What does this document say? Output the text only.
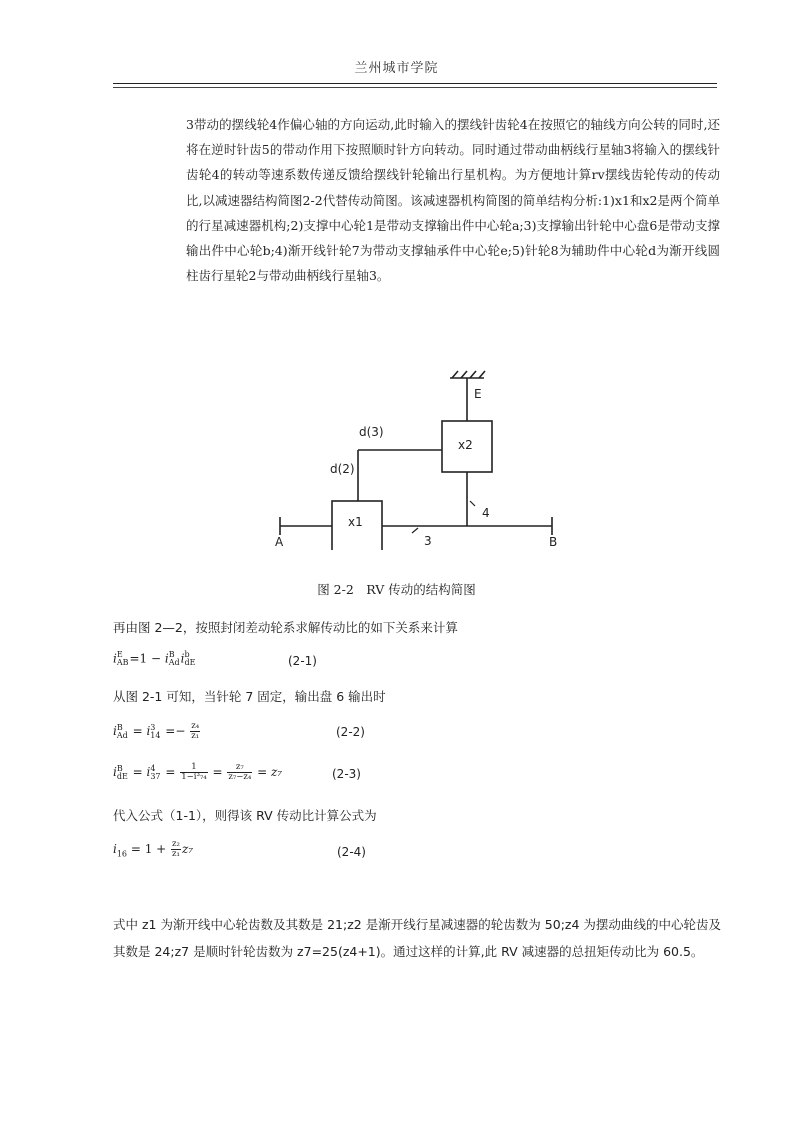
兰州城市学院
3带动的摆线轮4作偏心轴的方向运动,此时输入的摆线针齿轮4在按照它的轴线方向公转的同时,还将在逆时针齿5的带动作用下按照顺时针方向转动。同时通过带动曲柄线行星轴3将输入的摆线针齿轮4的转动等速系数传递反馈给摆线针轮输出行星机构。为方便地计算rv摆线齿轮传动的传动比,以减速器结构简图2-2代替传动简图。该减速器机构简图的简单结构分析:1)x1和x2是两个简单的行星减速器机构;2)支撑中心轮1是带动支撑输出件中心轮a;3)支撑输出针轮中心盘6是带动支撑输出件中心轮b;4)渐开线针轮7为带动支撑轴承件中心轮e;5)针轮8为辅助件中心轮d为渐开线圆柱齿行星轮2与带动曲柄线行星轴3。
A	B
E
x1
x2
3
4
d(2)
d(3)
图 2-2　RV 传动的结构简图
再由图 2—2，按照封闭差动轮系求解传动比的如下关系来计算
i E
AB =1 − i B
Ad i b
dE	(2-1)
从图 2-1 可知，当针轮 7 固定，输出盘 6 输出时
i B
Ad = i 3
$14 =- \frac{\text{z₄}}{\text{z₁}}$	(2-2)
i B
dE = i 4
$37 = \frac{1}{\text{1−i³₇₄}} = \frac{\text{z₇}}{\text{z₇−z₄}} = z_7$	(2-3)
代入公式（1-1），则得该 RV 传动比计算公式为
$i_{16} = 1 + \frac{\text{z₂}}{\text{z₁}} z_7$	(2-4)
式中 z1 为渐开线中心轮齿数及其数是 21;z2 是渐开线行星减速器的轮齿数为 50;z4 为摆动曲线的中心轮齿及其数是 24;z7 是顺时针轮齿数为 z7=25(z4+1)。通过这样的计算,此 RV 减速器的总扭矩传动比为 60.5。
